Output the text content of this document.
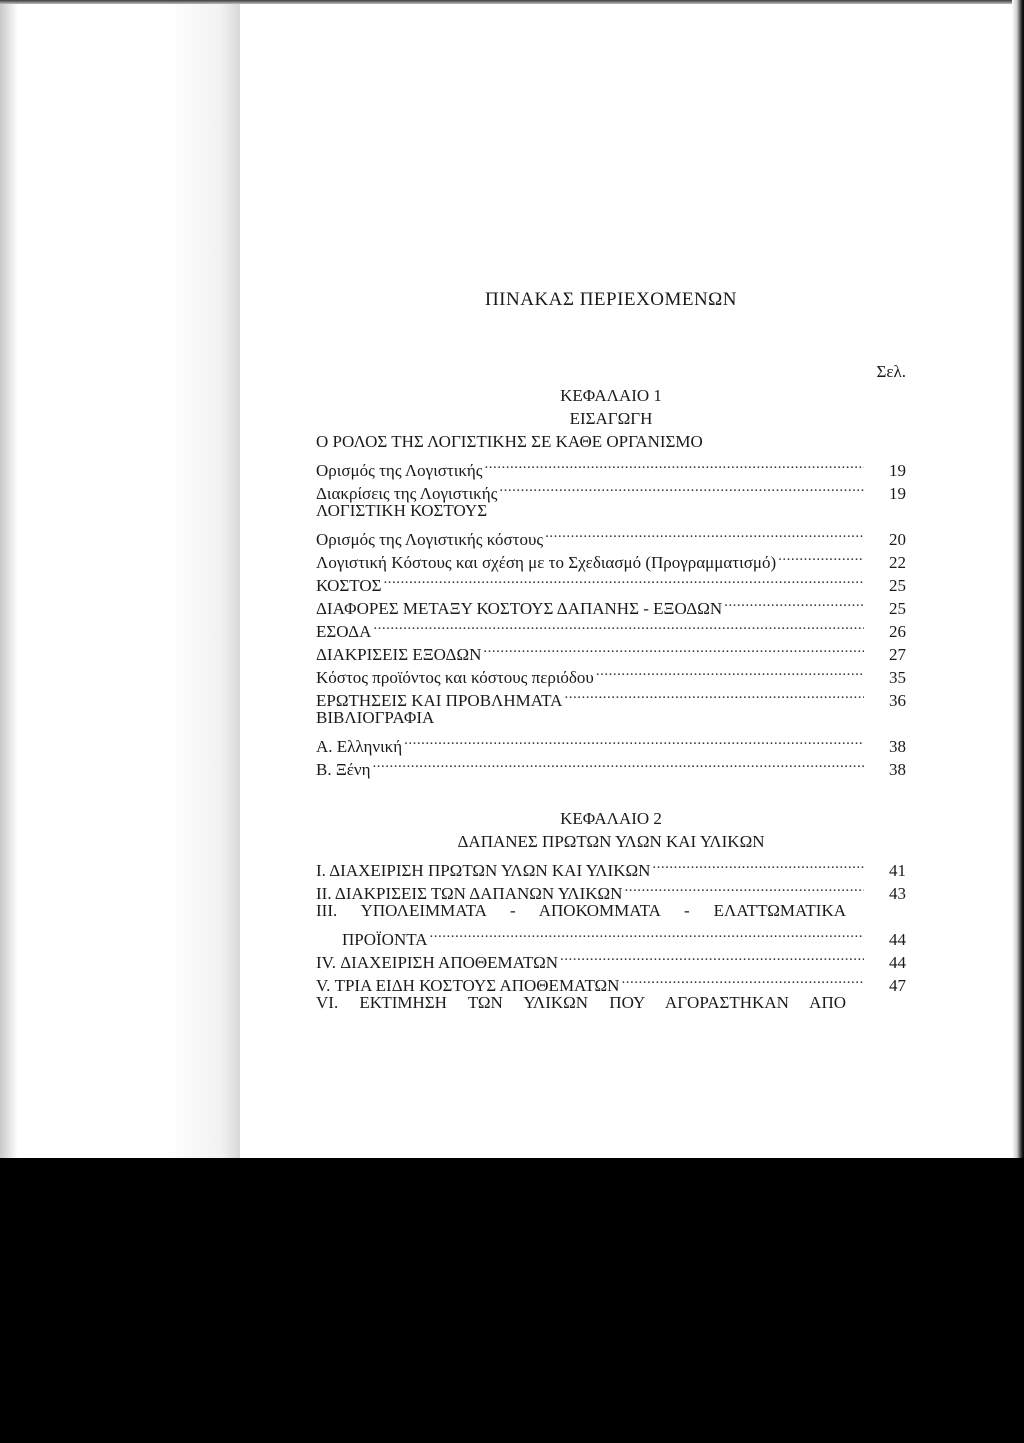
ΠΙΝΑΚΑΣ ΠΕΡΙΕΧΟΜΕΝΩΝ
Σελ.
ΚΕΦΑΛΑΙΟ 1
ΕΙΣΑΓΩΓΗ
Ο ΡΟΛΟΣ ΤΗΣ ΛΟΓΙΣΤΙΚΗΣ ΣΕ ΚΑΘΕ ΟΡΓΑΝΙΣΜΟ
Ορισμός της Λογιστικής .....	19
Διακρίσεις της Λογιστικής .....	19
ΛΟΓΙΣΤΙΚΗ ΚΟΣΤΟΥΣ
Ορισμός της Λογιστικής κόστους .....	20
Λογιστική Κόστους και σχέση με το Σχεδιασμό (Προγραμματισμό) .....	22
ΚΟΣΤΟΣ .....	25
ΔΙΑΦΟΡΕΣ ΜΕΤΑΞΥ ΚΟΣΤΟΥΣ ΔΑΠΑΝΗΣ - ΕΞΟΔΩΝ .....	25
ΕΣΟΔΑ .....	26
ΔΙΑΚΡΙΣΕΙΣ ΕΞΟΔΩΝ .....	27
Κόστος προϊόντος και κόστους περιόδου .....	35
ΕΡΩΤΗΣΕΙΣ ΚΑΙ ΠΡΟΒΛΗΜΑΤΑ .....	36
ΒΙΒΛΙΟΓΡΑΦΙΑ
Α. Ελληνική .....	38
Β. Ξένη .....	38
ΚΕΦΑΛΑΙΟ 2
ΔΑΠΑΝΕΣ ΠΡΩΤΩΝ ΥΛΩΝ ΚΑΙ ΥΛΙΚΩΝ
Ι. ΔΙΑΧΕΙΡΙΣΗ ΠΡΩΤΩΝ ΥΛΩΝ ΚΑΙ ΥΛΙΚΩΝ .....	41
ΙΙ. ΔΙΑΚΡΙΣΕΙΣ ΤΩΝ ΔΑΠΑΝΩΝ ΥΛΙΚΩΝ .....	43
ΙΙΙ. ΥΠΟΛΕΙΜΜΑΤΑ - ΑΠΟΚΟΜΜΑΤΑ - ΕΛΑΤΤΩΜΑΤΙΚΑ
ΠΡΟΪΟΝΤΑ .....	44
IV. ΔΙΑΧΕΙΡΙΣΗ ΑΠΟΘΕΜΑΤΩΝ .....	44
V. ΤΡΙΑ ΕΙΔΗ ΚΟΣΤΟΥΣ ΑΠΟΘΕΜΑΤΩΝ .....	47
VI. ΕΚΤΙΜΗΣΗ ΤΩΝ ΥΛΙΚΩΝ ΠΟΥ ΑΓΟΡΑΣΤΗΚΑΝ ΑΠΟ
